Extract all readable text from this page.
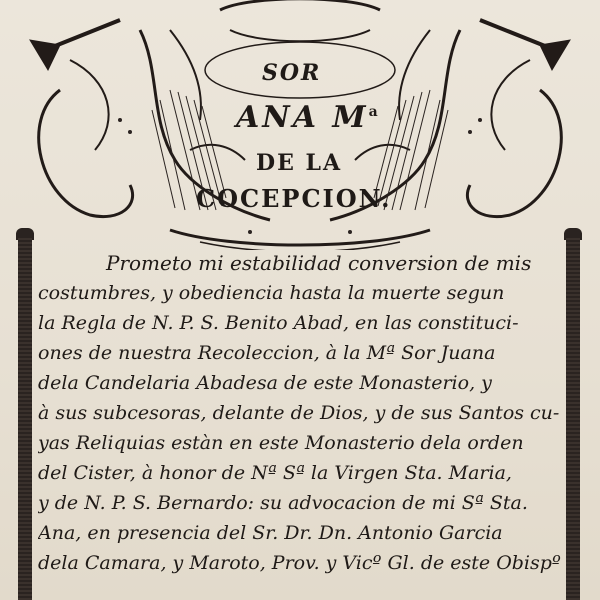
SOR
ANA $M^a$
DE LA
COCEPCION.
Prometo mi estabilidad conversion de mis
costumbres, y obediencia hasta la muerte segun
la Regla de N. P. S. Benito Abad, en las constituci-
ones de nuestra Recoleccion, à la Mª Sor Juana
dela Candelaria Abadesa de este Monasterio, y
à sus subcesoras, delante de Dios, y de sus Santos cu-
yas Reliquias estàn en este Monasterio dela orden
del Cister, à honor de Nª Sª la Virgen Sta. Maria,
y de N. P. S. Bernardo: su advocacion de mi Sª Sta.
Ana, en presencia del Sr. Dr. Dn. Antonio Garcia
dela Camara, y Maroto, Prov. y Vicº Gl. de este Obispº
